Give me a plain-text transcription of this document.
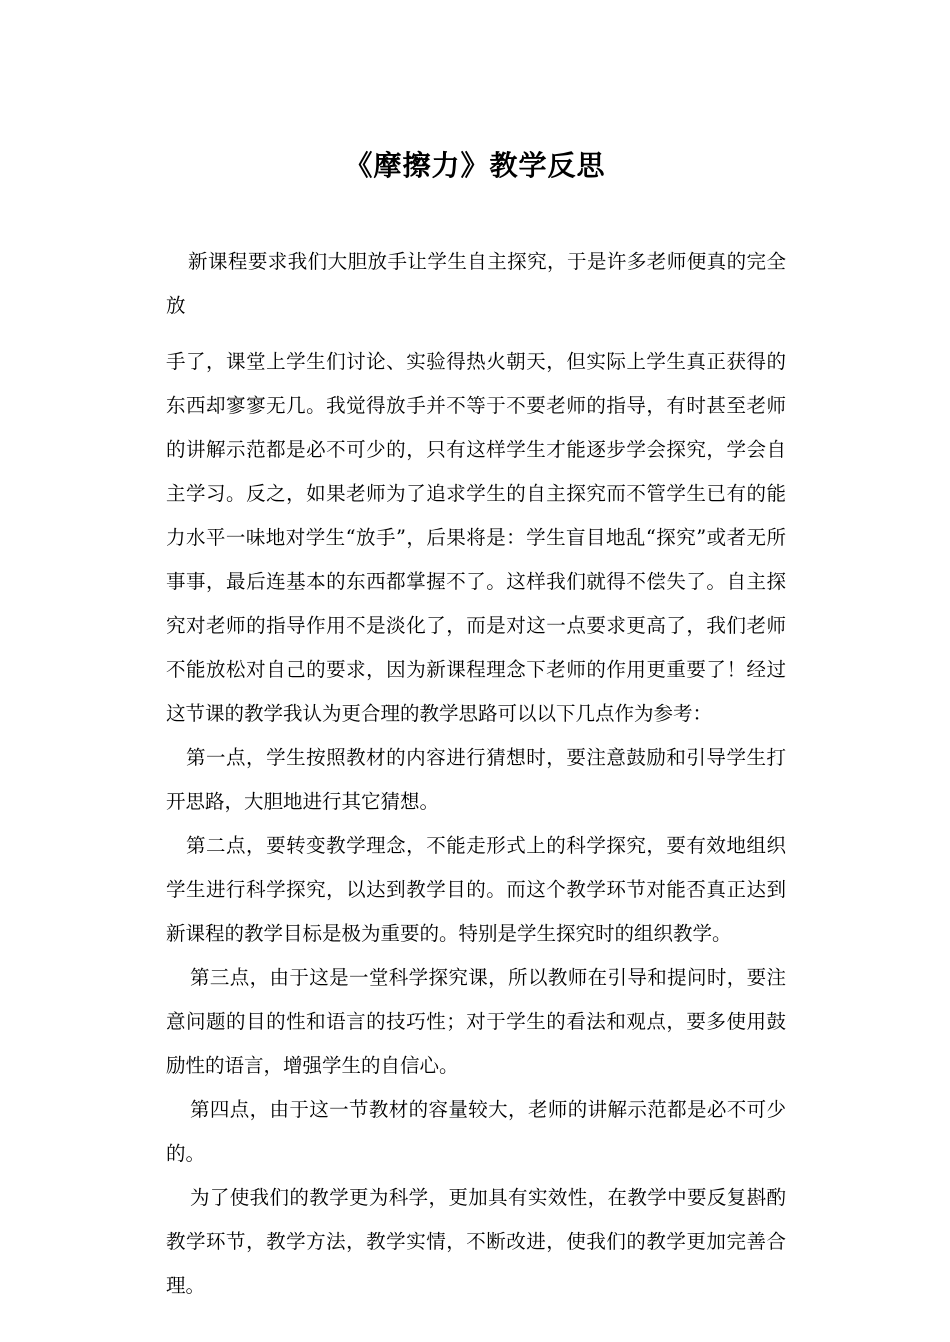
《摩擦力》教学反思

新课程要求我们大胆放手让学生自主探究，于是许多老师便真的完全放

手了，课堂上学生们讨论、实验得热火朝天，但实际上学生真正获得的东西却寥寥无几。我觉得放手并不等于不要老师的指导，有时甚至老师的讲解示范都是必不可少的，只有这样学生才能逐步学会探究，学会自主学习。反之，如果老师为了追求学生的自主探究而不管学生已有的能力水平一味地对学生“放手”，后果将是：学生盲目地乱“探究”或者无所事事，最后连基本的东西都掌握不了。这样我们就得不偿失了。自主探究对老师的指导作用不是淡化了，而是对这一点要求更高了，我们老师不能放松对自己的要求，因为新课程理念下老师的作用更重要了！经过这节课的教学我认为更合理的教学思路可以以下几点作为参考：

第一点，学生按照教材的内容进行猜想时，要注意鼓励和引导学生打开思路，大胆地进行其它猜想。

第二点，要转变教学理念，不能走形式上的科学探究，要有效地组织学生进行科学探究，以达到教学目的。而这个教学环节对能否真正达到新课程的教学目标是极为重要的。特别是学生探究时的组织教学。

第三点，由于这是一堂科学探究课，所以教师在引导和提问时，要注意问题的目的性和语言的技巧性；对于学生的看法和观点，要多使用鼓励性的语言，增强学生的自信心。

第四点，由于这一节教材的容量较大，老师的讲解示范都是必不可少的。

为了使我们的教学更为科学，更加具有实效性，在教学中要反复斟酌教学环节，教学方法，教学实情，不断改进，使我们的教学更加完善合理。
